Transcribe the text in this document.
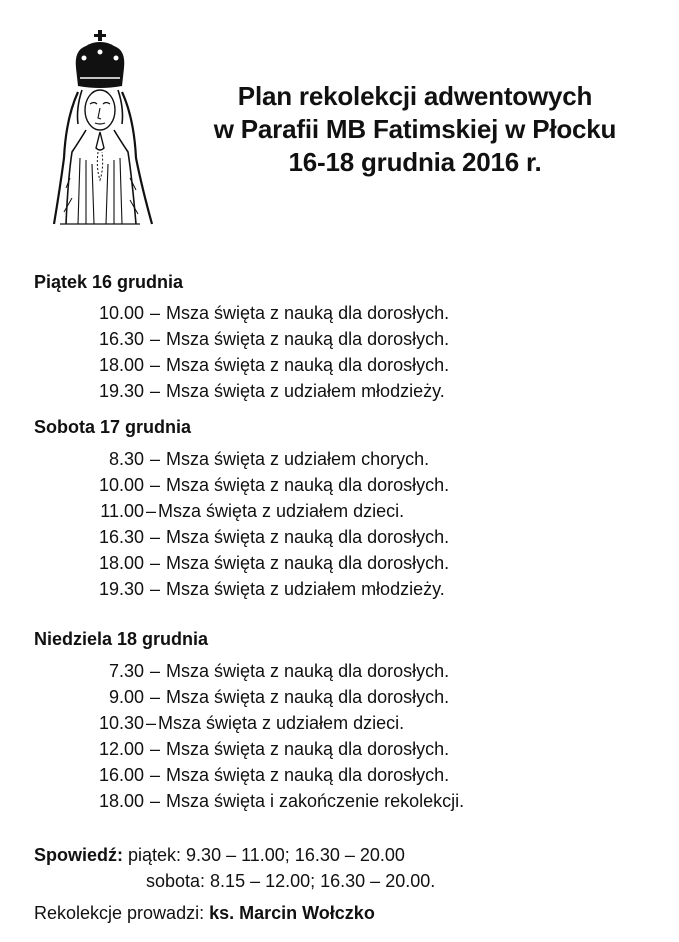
Plan rekolekcji adwentowych
w Parafii MB Fatimskiej w Płocku
16-18 grudnia 2016 r.
Piątek 16 grudnia
10.00 – Msza święta z nauką dla dorosłych.
16.30 – Msza święta z nauką dla dorosłych.
18.00 – Msza święta z nauką dla dorosłych.
19.30 – Msza święta z udziałem młodzieży.
Sobota 17 grudnia
8.30 – Msza święta z udziałem chorych.
10.00 – Msza święta z nauką dla dorosłych.
11.00 – Msza święta z udziałem dzieci.
16.30 – Msza święta z nauką dla dorosłych.
18.00 – Msza święta z nauką dla dorosłych.
19.30 – Msza święta z udziałem młodzieży.
Niedziela 18 grudnia
7.30 – Msza święta z nauką dla dorosłych.
9.00 – Msza święta z nauką dla dorosłych.
10.30 – Msza święta z udziałem dzieci.
12.00 – Msza święta z nauką dla dorosłych.
16.00 – Msza święta z nauką dla dorosłych.
18.00 – Msza święta i zakończenie rekolekcji.
Spowiedź: piątek: 9.30 – 11.00; 16.30 – 20.00
sobota: 8.15 – 12.00; 16.30 – 20.00.
Rekolekcje prowadzi: ks. Marcin Wołczko
